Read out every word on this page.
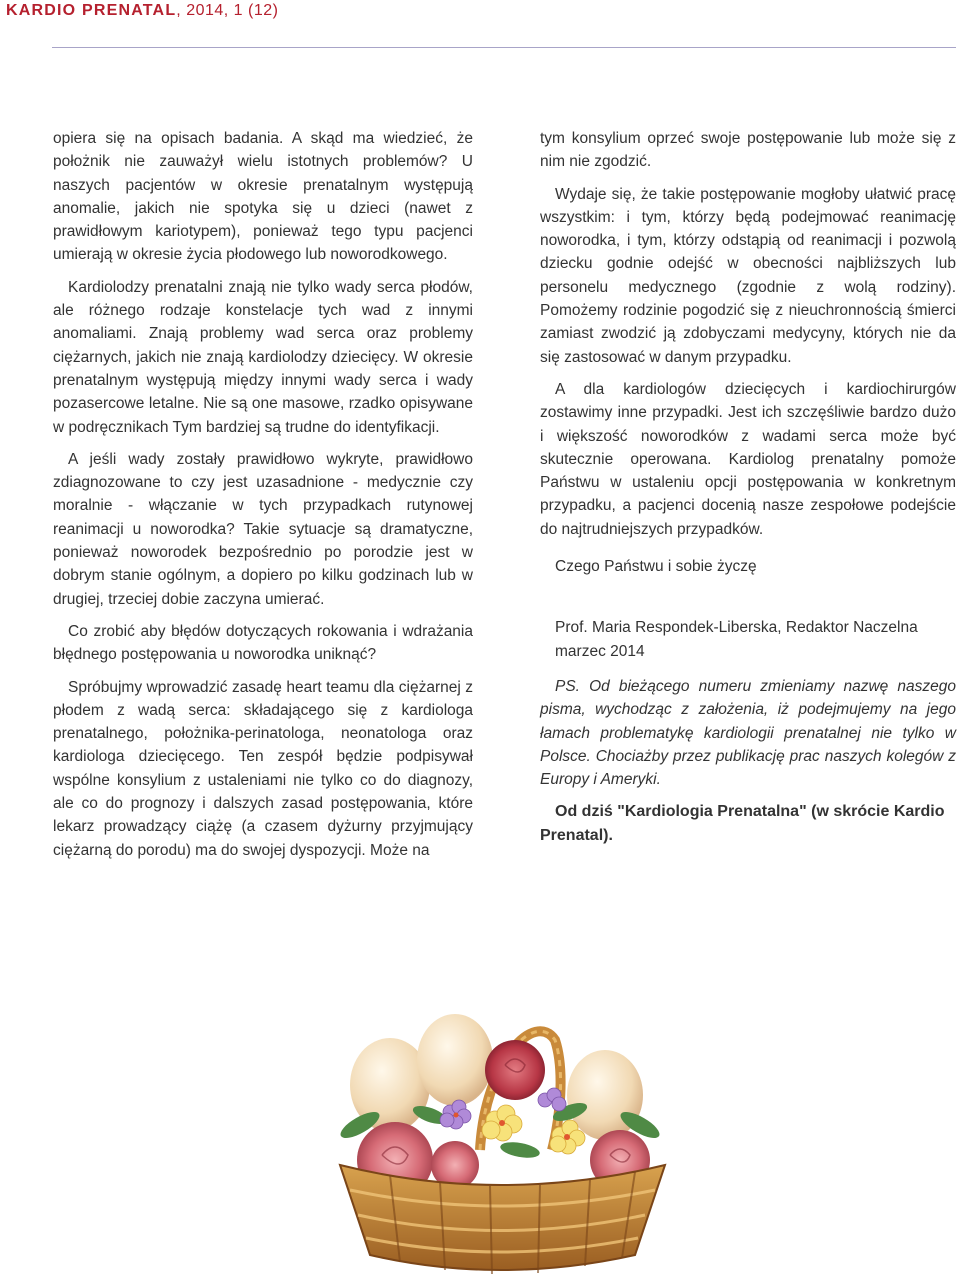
KARDIO PRENATAL, 2014, 1 (12)

opiera się na opisach badania. A skąd ma wiedzieć, że położnik nie zauważył wielu istotnych problemów? U naszych pacjentów w okresie prenatalnym występują anomalie, jakich nie spotyka się u dzieci (nawet z prawidłowym kariotypem), ponieważ tego typu pacjenci umierają w okresie życia płodowego lub noworodkowego.

Kardiolodzy prenatalni znają nie tylko wady serca płodów, ale różnego rodzaje konstelacje tych wad z innymi anomaliami. Znają problemy wad serca oraz problemy ciężarnych, jakich nie znają kardiolodzy dziecięcy. W okresie prenatalnym występują między innymi wady serca i wady pozasercowe letalne. Nie są one masowe, rzadko opisywane w podręcznikach Tym bardziej są trudne do identyfikacji.

A jeśli wady zostały prawidłowo wykryte, prawidłowo zdiagnozowane to czy jest uzasadnione - medycznie czy moralnie - włączanie w tych przypadkach rutynowej reanimacji u noworodka? Takie sytuacje są dramatyczne, ponieważ noworodek bezpośrednio po porodzie jest w dobrym stanie ogólnym, a dopiero po kilku godzinach lub w drugiej, trzeciej dobie zaczyna umierać.

Co zrobić aby błędów dotyczących rokowania i wdrażania błędnego postępowania u noworodka uniknąć?

Spróbujmy wprowadzić zasadę heart teamu dla ciężarnej z płodem z wadą serca: składającego się z kardiologa prenatalnego, położnika-perinatologa, neonatologa oraz kardiologa dziecięcego. Ten zespół będzie podpisywał wspólne konsylium z ustaleniami nie tylko co do diagnozy, ale co do prognozy i dalszych zasad postępowania, które lekarz prowadzący ciążę (a czasem dyżurny przyjmujący ciężarną do porodu) ma do swojej dyspozycji. Może na

tym konsylium oprzeć swoje postępowanie lub może się z nim nie zgodzić.

Wydaje się, że takie postępowanie mogłoby ułatwić pracę wszystkim: i tym, którzy będą podejmować reanimację noworodka, i tym, którzy odstąpią od reanimacji i pozwolą dziecku godnie odejść w obecności najbliższych lub personelu medycznego (zgodnie z wolą rodziny). Pomożemy rodzinie pogodzić się z nieuchronnością śmierci zamiast zwodzić ją zdobyczami medycyny, których nie da się zastosować w danym przypadku.

A dla kardiologów dziecięcych i kardiochirurgów zostawimy inne przypadki. Jest ich szczęśliwie bardzo dużo i większość noworodków z wadami serca może być skutecznie operowana. Kardiolog prenatalny pomoże Państwu w ustaleniu opcji postępowania w konkretnym przypadku, a pacjenci docenią nasze zespołowe podejście do najtrudniejszych przypadków.

Czego Państwu i sobie życzę

Prof. Maria Respondek-Liberska, Redaktor Naczelna

marzec 2014

PS. Od bieżącego numeru zmieniamy nazwę naszego pisma, wychodząc z założenia, iż podejmujemy na jego łamach problematykę kardiologii prenatalnej nie tylko w Polsce. Chociażby przez publikację prac naszych kolegów z Europy i Ameryki.

Od dziś "Kardiologia Prenatalna" (w skrócie Kardio Prenatal).
